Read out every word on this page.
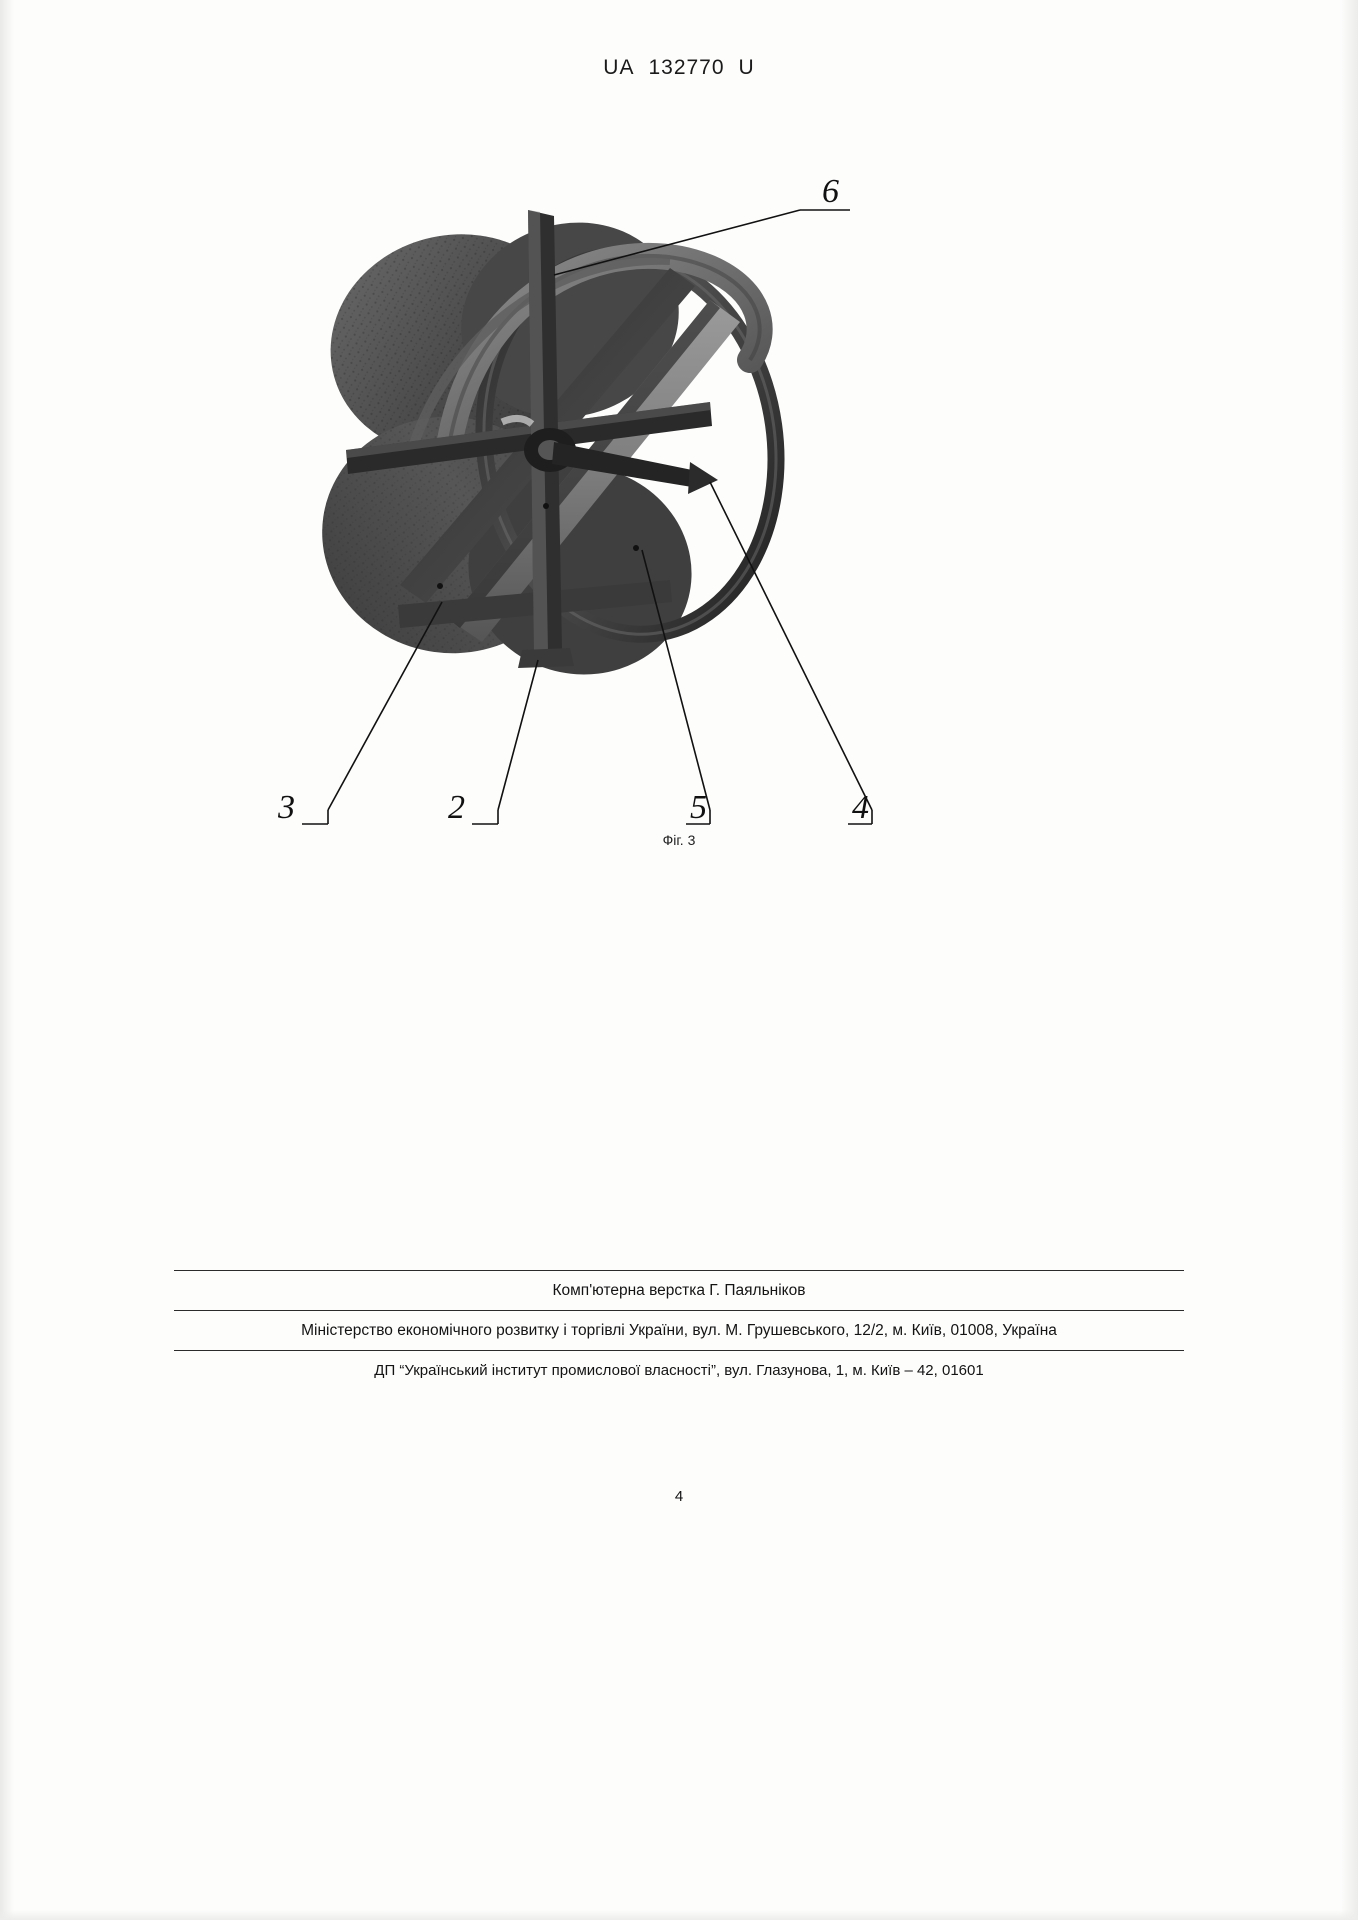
UA 132770 U
6
3	2	5	4
Фіг. 3
Комп'ютерна верстка Г. Паяльніков
Міністерство економічного розвитку і торгівлі України, вул. М. Грушевського, 12/2, м. Київ, 01008, Україна
ДП “Український інститут промислової власності”, вул. Глазунова, 1, м. Київ – 42, 01601
4
